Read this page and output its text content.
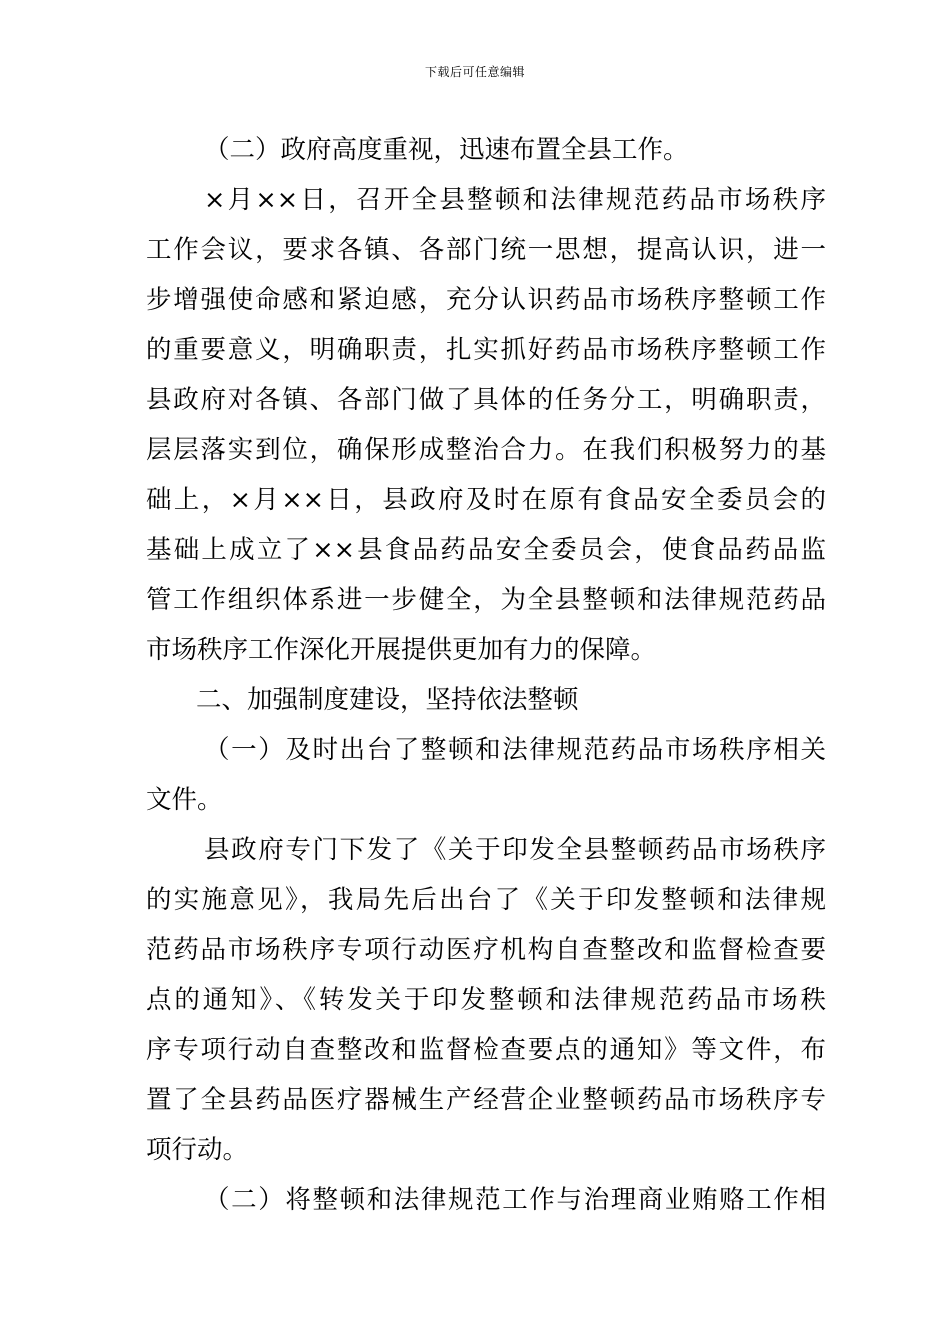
下载后可任意编辑
（二）政府高度重视，迅速布置全县工作。
×月××日，召开全县整顿和法律规范药品市场秩序
工作会议，要求各镇、各部门统一思想，提高认识，进一
步增强使命感和紧迫感，充分认识药品市场秩序整顿工作
的重要意义，明确职责，扎实抓好药品市场秩序整顿工作
县政府对各镇、各部门做了具体的任务分工，明确职责，
层层落实到位，确保形成整治合力。在我们积极努力的基
础上，×月××日，县政府及时在原有食品安全委员会的
基础上成立了××县食品药品安全委员会，使食品药品监
管工作组织体系进一步健全，为全县整顿和法律规范药品
市场秩序工作深化开展提供更加有力的保障。
二、加强制度建设，坚持依法整顿
（一）及时出台了整顿和法律规范药品市场秩序相关
文件。
县政府专门下发了《关于印发全县整顿药品市场秩序
的实施意见》，我局先后出台了《关于印发整顿和法律规
范药品市场秩序专项行动医疗机构自查整改和监督检查要
点的通知》、《转发关于印发整顿和法律规范药品市场秩
序专项行动自查整改和监督检查要点的通知》等文件，布
置了全县药品医疗器械生产经营企业整顿药品市场秩序专
项行动。
（二）将整顿和法律规范工作与治理商业贿赂工作相
